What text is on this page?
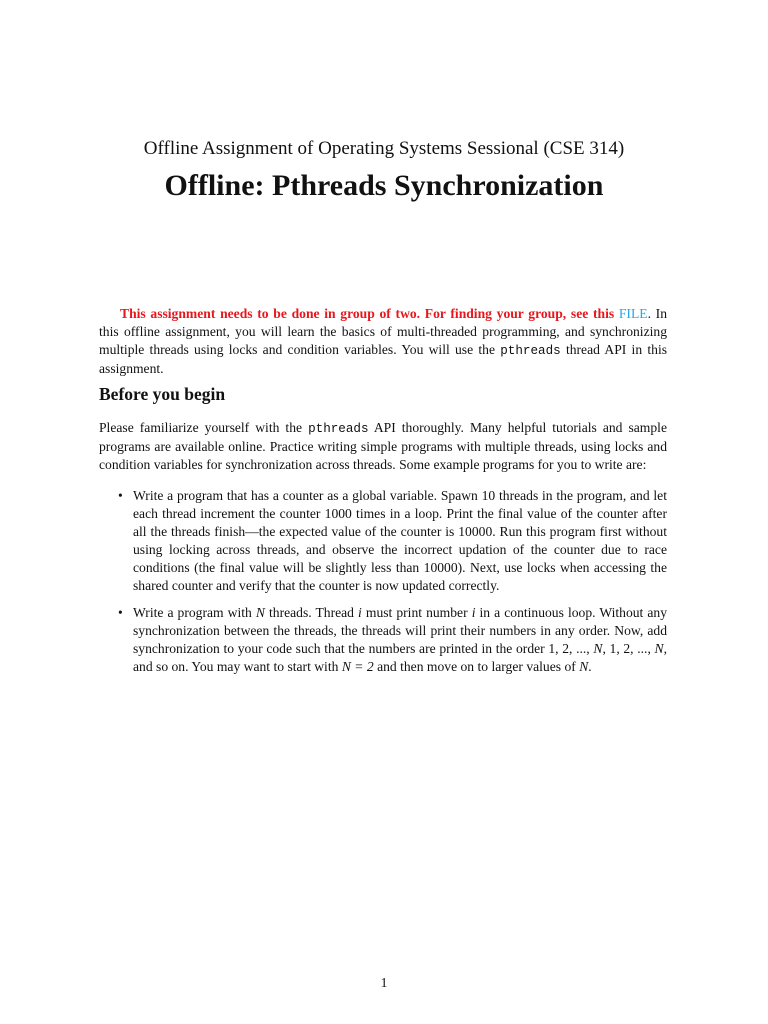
Offline Assignment of Operating Systems Sessional (CSE 314)
Offline: Pthreads Synchronization

This assignment needs to be done in group of two. For finding your group, see this FILE. In this offline assignment, you will learn the basics of multi-threaded programming, and synchronizing multiple threads using locks and condition variables. You will use the pthreads thread API in this assignment.

Before you begin

Please familiarize yourself with the pthreads API thoroughly. Many helpful tutorials and sample programs are available online. Practice writing simple programs with multiple threads, using locks and condition variables for synchronization across threads. Some example programs for you to write are:

• Write a program that has a counter as a global variable. Spawn 10 threads in the program, and let each thread increment the counter 1000 times in a loop. Print the final value of the counter after all the threads finish—the expected value of the counter is 10000. Run this program first without using locking across threads, and observe the incorrect updation of the counter due to race conditions (the final value will be slightly less than 10000). Next, use locks when accessing the shared counter and verify that the counter is now updated correctly.
• Write a program with N threads. Thread i must print number i in a continuous loop. Without any synchronization between the threads, the threads will print their numbers in any order. Now, add synchronization to your code such that the numbers are printed in the order 1, 2, ..., N, 1, 2, ..., N, and so on. You may want to start with N = 2 and then move on to larger values of N.
1
